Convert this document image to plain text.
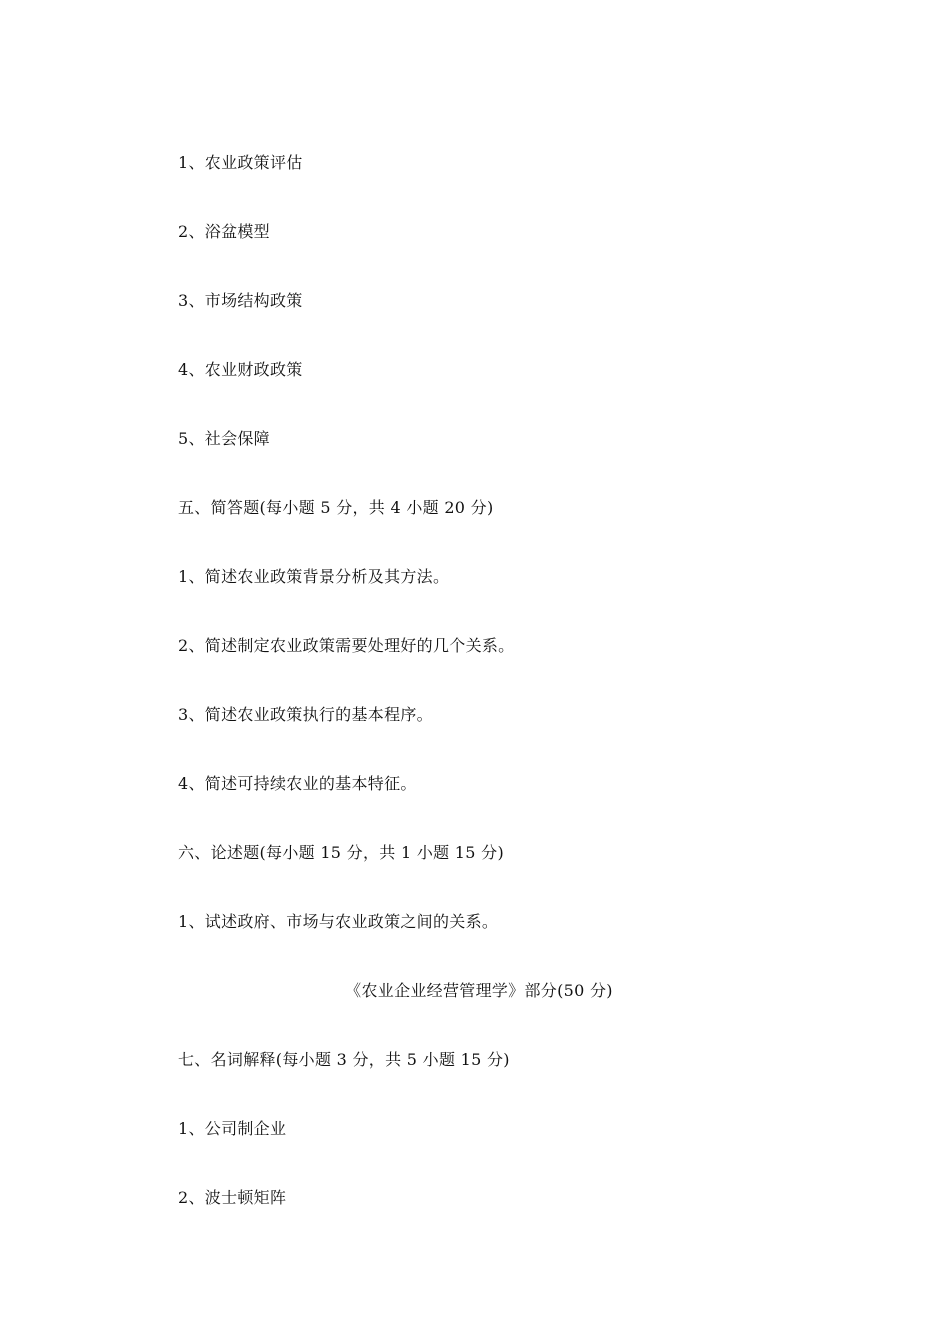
1、农业政策评估
2、浴盆模型
3、市场结构政策
4、农业财政政策
5、社会保障
五、简答题(每小题 5 分，共 4 小题 20 分)
1、简述农业政策背景分析及其方法。
2、简述制定农业政策需要处理好的几个关系。
3、简述农业政策执行的基本程序。
4、简述可持续农业的基本特征。
六、论述题(每小题 15 分，共 1 小题 15 分)
1、试述政府、市场与农业政策之间的关系。
《农业企业经营管理学》部分(50 分)
七、名词解释(每小题 3 分，共 5 小题 15 分)
1、公司制企业
2、波士顿矩阵
